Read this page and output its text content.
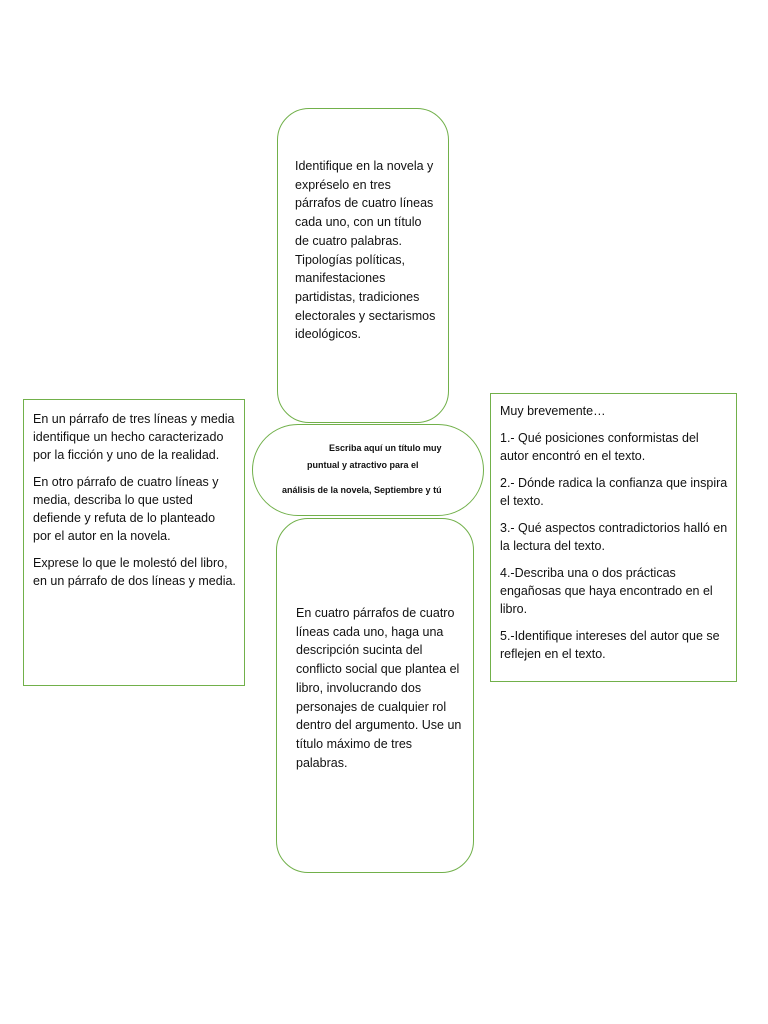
Identifique en la novela y expréselo en tres párrafos de cuatro líneas cada uno, con un título de cuatro palabras. Tipologías políticas, manifestaciones partidistas, tradiciones electorales y sectarismos ideológicos.

Escriba aquí un título muy
puntual y atractivo para el
análisis de la novela, Septiembre y tú

En cuatro párrafos de cuatro líneas cada uno, haga una descripción sucinta del conflicto social que plantea el libro, involucrando dos personajes de cualquier rol dentro del argumento. Use un título máximo de tres palabras.

En un párrafo de tres líneas y media identifique un hecho caracterizado por la ficción y uno de la realidad.

En otro párrafo de cuatro líneas y media, describa lo que usted defiende y refuta de lo planteado por el autor en la novela.

Exprese lo que le molestó del libro, en un párrafo de dos líneas y media.

Muy brevemente…

1.- Qué posiciones conformistas del autor encontró en el texto.

2.- Dónde radica la confianza que inspira el texto.

3.- Qué aspectos contradictorios halló en la lectura del texto.

4.-Describa una o dos prácticas engañosas que haya encontrado en el libro.

5.-Identifique intereses del autor que se reflejen en el texto.
